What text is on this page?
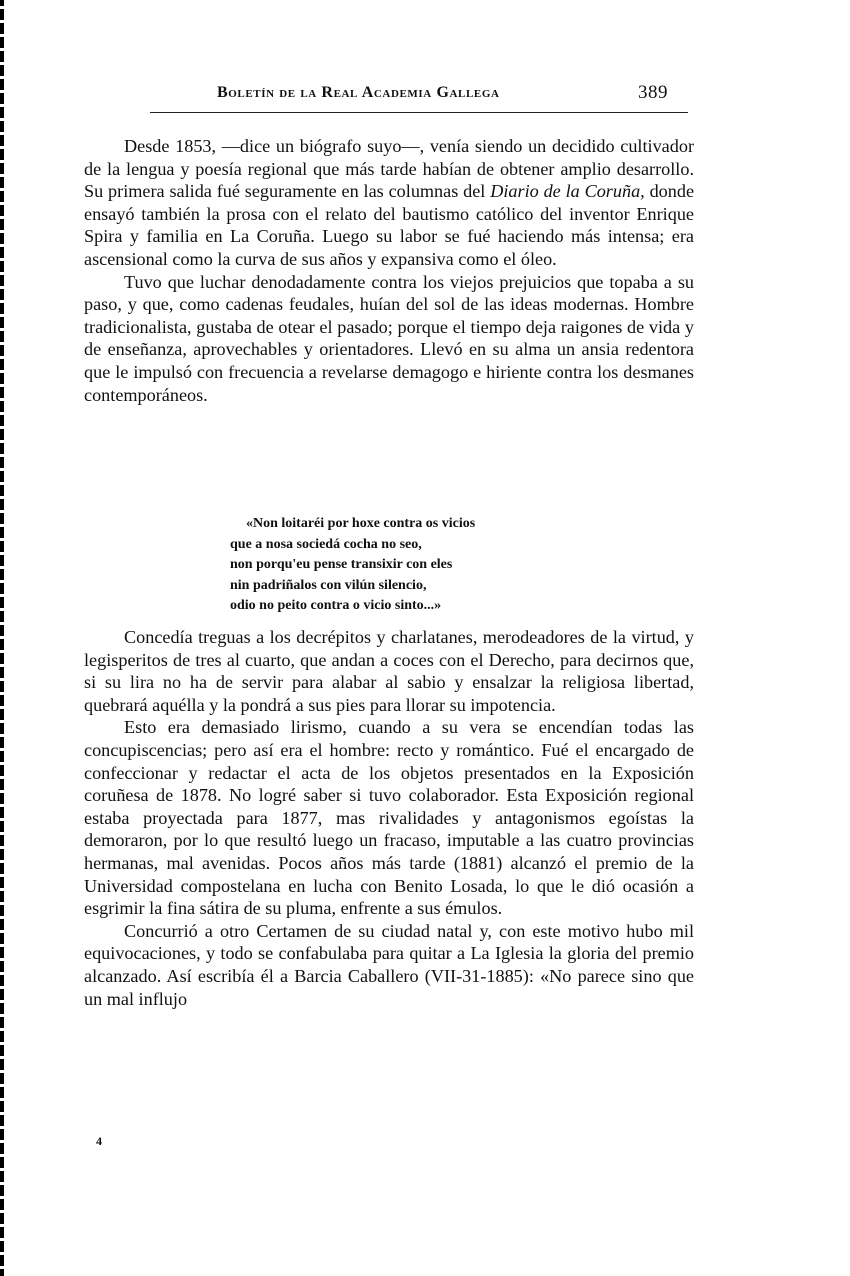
Boletín de la Real Academia Gallega	389

Desde 1853, —dice un biógrafo suyo—, venía siendo un decidido cultivador de la lengua y poesía regional que más tarde habían de obtener amplio desarrollo. Su primera salida fué seguramente en las columnas del Diario de la Coruña, donde ensayó también la prosa con el relato del bautismo católico del inventor Enrique Spira y familia en La Coruña. Luego su labor se fué haciendo más intensa; era ascensional como la curva de sus años y expansiva como el óleo.

Tuvo que luchar denodadamente contra los viejos prejuicios que topaba a su paso, y que, como cadenas feudales, huían del sol de las ideas modernas. Hombre tradicionalista, gustaba de otear el pasado; porque el tiempo deja raigones de vida y de enseñanza, aprovechables y orientadores. Llevó en su alma un ansia redentora que le impulsó con frecuencia a revelarse demagogo e hiriente contra los desmanes contemporáneos.

«Non loitaréi por hoxe contra os vicios
que a nosa sociedá cocha no seo,
non porqu'eu pense transixir con eles
nin padriñalos con vilún silencio,
odio no peito contra o vicio sinto...»

Concedía treguas a los decrépitos y charlatanes, merodeadores de la virtud, y legisperitos de tres al cuarto, que andan a coces con el Derecho, para decirnos que, si su lira no ha de servir para alabar al sabio y ensalzar la religiosa libertad, quebrará aquélla y la pondrá a sus pies para llorar su impotencia.

Esto era demasiado lirismo, cuando a su vera se encendían todas las concupiscencias; pero así era el hombre: recto y romántico. Fué el encargado de confeccionar y redactar el acta de los objetos presentados en la Exposición coruñesa de 1878. No logré saber si tuvo colaborador. Esta Exposición regional estaba proyectada para 1877, mas rivalidades y antagonismos egoístas la demoraron, por lo que resultó luego un fracaso, imputable a las cuatro provincias hermanas, mal avenidas. Pocos años más tarde (1881) alcanzó el premio de la Universidad compostelana en lucha con Benito Losada, lo que le dió ocasión a esgrimir la fina sátira de su pluma, enfrente a sus émulos.

Concurrió a otro Certamen de su ciudad natal y, con este motivo hubo mil equivocaciones, y todo se confabulaba para quitar a La Iglesia la gloria del premio alcanzado. Así escribía él a Barcia Caballero (VII-31-1885): «No parece sino que un mal influjo

4
